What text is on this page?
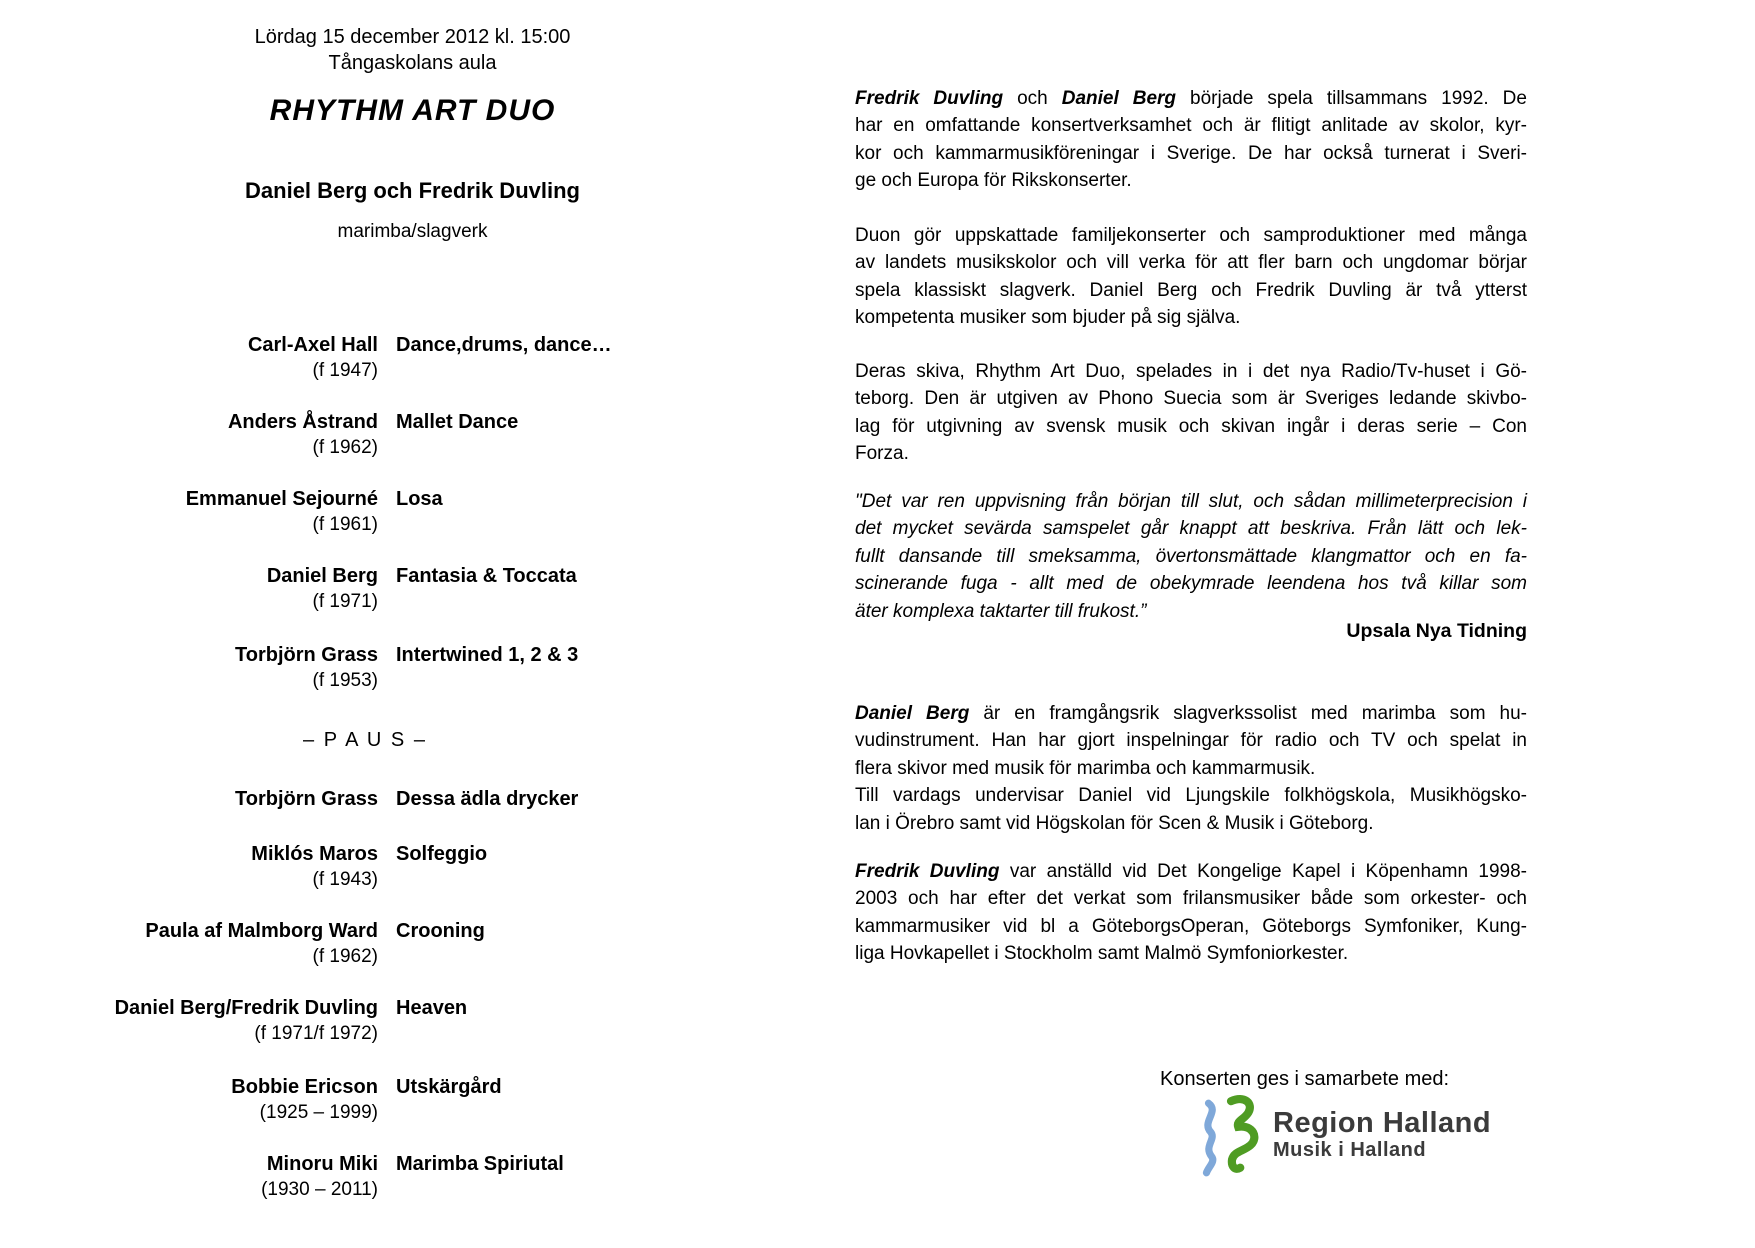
Lördag 15 december 2012 kl. 15:00
Tångaskolans aula
RHYTHM ART DUO
Daniel Berg och Fredrik Duvling
marimba/slagverk
Carl-Axel Hall
(f 1947)
Dance,drums, dance…
Anders Åstrand
(f 1962)
Mallet Dance
Emmanuel Sejourné
(f 1961)
Losa
Daniel Berg
(f 1971)
Fantasia & Toccata
Torbjörn Grass
(f 1953)
Intertwined 1, 2 & 3
Torbjörn Grass Dessa ädla drycker
Miklós Maros
(f 1943)
Solfeggio
Paula af Malmborg Ward
(f 1962)
Crooning
Daniel Berg/Fredrik Duvling
(f 1971/f 1972)
Heaven
Bobbie Ericson
(1925 – 1999)
Utskärgård
Minoru Miki
(1930 – 2011)
Marimba Spiriutal
– P A U S –
Fredrik Duvling och Daniel Berg började spela tillsammans 1992. De
har en omfattande konsertverksamhet och är flitigt anlitade av skolor, kyr-
kor och kammarmusikföreningar i Sverige. De har också turnerat i Sveri-
ge och Europa för Rikskonserter.
Duon gör uppskattade familjekonserter och samproduktioner med många
av landets musikskolor och vill verka för att fler barn och ungdomar börjar
spela klassiskt slagverk. Daniel Berg och Fredrik Duvling är två ytterst
kompetenta musiker som bjuder på sig själva.
Deras skiva, Rhythm Art Duo, spelades in i det nya Radio/Tv-huset i Gö-
teborg. Den är utgiven av Phono Suecia som är Sveriges ledande skivbo-
lag för utgivning av svensk musik och skivan ingår i deras serie – Con
Forza.
"Det var ren uppvisning från början till slut, och sådan millimeterprecision i
det mycket sevärda samspelet går knappt att beskriva. Från lätt och lek-
fullt dansande till smeksamma, övertonsmättade klangmattor och en fa-
scinerande fuga - allt med de obekymrade leendena hos två killar som
äter komplexa taktarter till frukost.”
Daniel Berg är en framgångsrik slagverkssolist med marimba som hu-
vudinstrument. Han har gjort inspelningar för radio och TV och spelat in
flera skivor med musik för marimba och kammarmusik.
Till vardags undervisar Daniel vid Ljungskile folkhögskola, Musikhögsko-
lan i Örebro samt vid Högskolan för Scen & Musik i Göteborg.
Fredrik Duvling var anställd vid Det Kongelige Kapel i Köpenhamn 1998-
2003 och har efter det verkat som frilansmusiker både som orkester- och
kammarmusiker vid bl a GöteborgsOperan, Göteborgs Symfoniker, Kung-
liga Hovkapellet i Stockholm samt Malmö Symfoniorkester.
Upsala Nya Tidning
Konserten ges i samarbete med:
Region Halland
Musik i Halland
